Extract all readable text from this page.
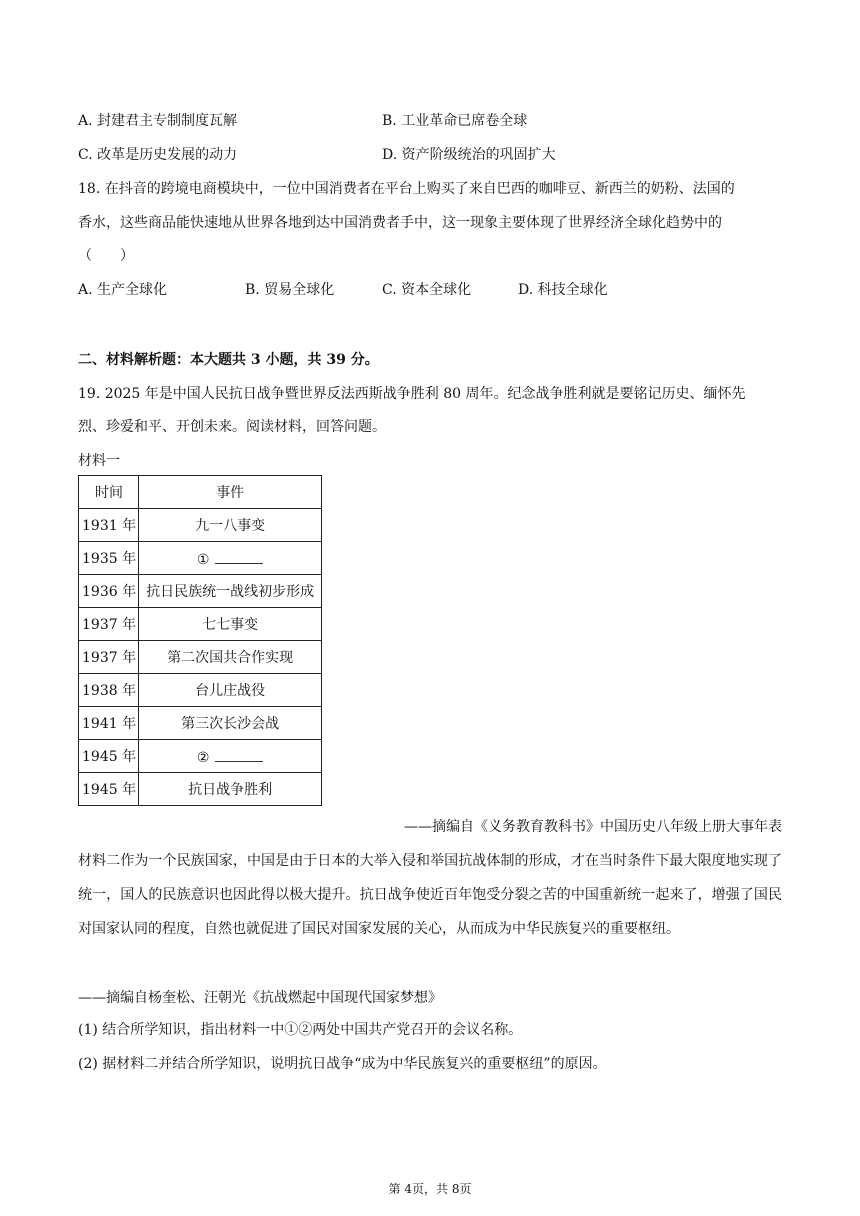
A. 封建君主专制制度瓦解	B. 工业革命已席卷全球
C. 改革是历史发展的动力	D. 资产阶级统治的巩固扩大
18. 在抖音的跨境电商模块中，一位中国消费者在平台上购买了来自巴西的咖啡豆、新西兰的奶粉、法国的
香水，这些商品能快速地从世界各地到达中国消费者手中，这一现象主要体现了世界经济全球化趋势中的
（　　）
A. 生产全球化	B. 贸易全球化	C. 资本全球化	D. 科技全球化
二、材料解析题：本大题共 3 小题，共 39 分。
19. 2025 年是中国人民抗日战争暨世界反法西斯战争胜利 80 周年。纪念战争胜利就是要铭记历史、缅怀先
烈、珍爱和平、开创未来。阅读材料，回答问题。
材料一
时间	事件
1931 年	九一八事变
1935 年	①
1936 年	抗日民族统一战线初步形成
1937 年	七七事变
1937 年	第二次国共合作实现
1938 年	台儿庄战役
1941 年	第三次长沙会战
1945 年	②
1945 年	抗日战争胜利
——摘编自《义务教育教科书》中国历史八年级上册大事年表
材料二作为一个民族国家，中国是由于日本的大举入侵和举国抗战体制的形成，才在当时条件下最大限度地实现了统一，国人的民族意识也因此得以极大提升。抗日战争使近百年饱受分裂之苦的中国重新统一起来了，增强了国民对国家认同的程度，自然也就促进了国民对国家发展的关心，从而成为中华民族复兴的重要枢纽。
——摘编自杨奎松、汪朝光《抗战燃起中国现代国家梦想》
(1) 结合所学知识，指出材料一中①②两处中国共产党召开的会议名称。
(2) 据材料二并结合所学知识，说明抗日战争“成为中华民族复兴的重要枢纽”的原因。
第 4页，共 8页
